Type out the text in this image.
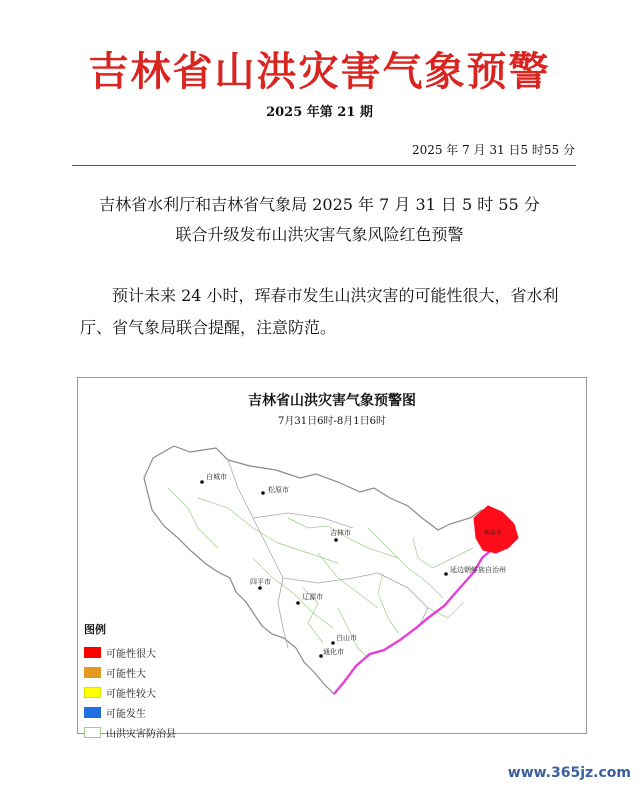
吉林省山洪灾害气象预警
2025 年第 21 期
2025 年 7 月 31 日5 时55 分
吉林省水利厅和吉林省气象局 2025 年 7 月 31 日 5 时 55 分
联合升级发布山洪灾害气象风险红色预警
预计未来 24 小时，珲春市发生山洪灾害的可能性很大，省水利厅、省气象局联合提醒，注意防范。
吉林省山洪灾害气象预警图
7月31日6时-8月1日6时
白城市
松原市
吉林市
四平市
辽源市
白山市
通化市
延边朝鲜族自治州
珲春市
图例
可能性很大
可能性大
可能性较大
可能发生
山洪灾害防治县
www.365jz.com
